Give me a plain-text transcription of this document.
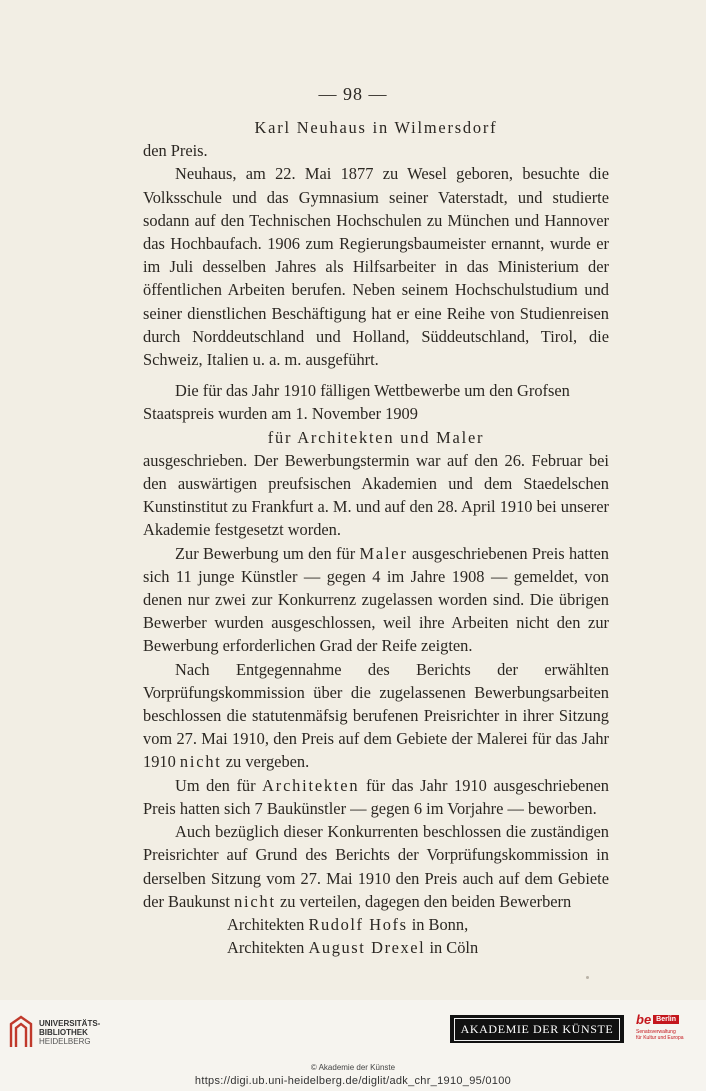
— 98 —

Karl Neuhaus in Wilmersdorf

den Preis.

Neuhaus, am 22. Mai 1877 zu Wesel geboren, besuchte die Volksschule und das Gymnasium seiner Vaterstadt, und studierte sodann auf den Technischen Hochschulen zu München und Hannover das Hochbaufach. 1906 zum Regierungsbaumeister ernannt, wurde er im Juli desselben Jahres als Hilfsarbeiter in das Ministerium der öffentlichen Arbeiten berufen. Neben seinem Hochschulstudium und seiner dienstlichen Beschäftigung hat er eine Reihe von Studienreisen durch Norddeutschland und Holland, Süddeutschland, Tirol, die Schweiz, Italien u. a. m. ausgeführt.

Die für das Jahr 1910 fälligen Wettbewerbe um den Grofsen Staatspreis wurden am 1. November 1909

für Architekten und Maler

ausgeschrieben. Der Bewerbungstermin war auf den 26. Februar bei den auswärtigen preufsischen Akademien und dem Staedelschen Kunstinstitut zu Frankfurt a. M. und auf den 28. April 1910 bei unserer Akademie festgesetzt worden.

Zur Bewerbung um den für Maler ausgeschriebenen Preis hatten sich 11 junge Künstler — gegen 4 im Jahre 1908 — gemeldet, von denen nur zwei zur Konkurrenz zugelassen worden sind. Die übrigen Bewerber wurden ausgeschlossen, weil ihre Arbeiten nicht den zur Bewerbung erforderlichen Grad der Reife zeigten.

Nach Entgegennahme des Berichts der erwählten Vorprüfungskommission über die zugelassenen Bewerbungsarbeiten beschlossen die statutenmäfsig berufenen Preisrichter in ihrer Sitzung vom 27. Mai 1910, den Preis auf dem Gebiete der Malerei für das Jahr 1910 nicht zu vergeben.

Um den für Architekten für das Jahr 1910 ausgeschriebenen Preis hatten sich 7 Baukünstler — gegen 6 im Vorjahre — beworben.

Auch bezüglich dieser Konkurrenten beschlossen die zuständigen Preisrichter auf Grund des Berichts der Vorprüfungskommission in derselben Sitzung vom 27. Mai 1910 den Preis auch auf dem Gebiete der Baukunst nicht zu verteilen, dagegen den beiden Bewerbern

Architekten Rudolf Hofs in Bonn,

Architekten August Drexel in Cöln

UNIVERSITÄTS-
BIBLIOTHEK
HEIDELBERG
AKADEMIE DER KÜNSTE
be Berlin
Senatsverwaltung
für Kultur und Europa
© Akademie der Künste
https://digi.ub.uni-heidelberg.de/diglit/adk_chr_1910_95/0100
